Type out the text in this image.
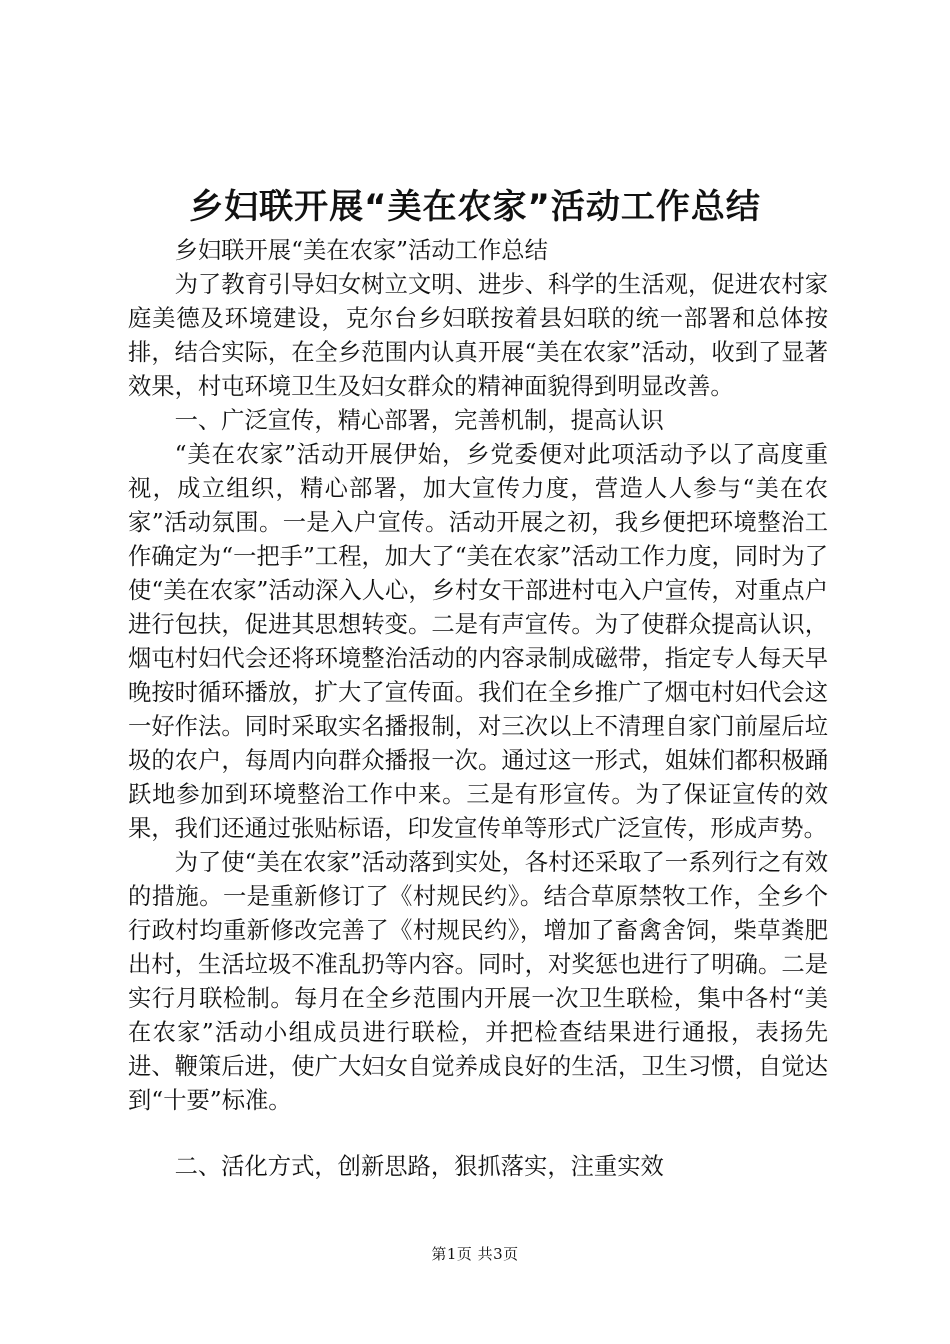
乡妇联开展“美在农家”活动工作总结

乡妇联开展“美在农家”活动工作总结

为了教育引导妇女树立文明、进步、科学的生活观，促进农村家庭美德及环境建设，克尔台乡妇联按着县妇联的统一部署和总体按排，结合实际，在全乡范围内认真开展“美在农家”活动，收到了显著效果，村屯环境卫生及妇女群众的精神面貌得到明显改善。

一、广泛宣传，精心部署，完善机制，提高认识

“美在农家”活动开展伊始，乡党委便对此项活动予以了高度重视，成立组织，精心部署，加大宣传力度，营造人人参与“美在农家”活动氛围。一是入户宣传。活动开展之初，我乡便把环境整治工作确定为“一把手”工程，加大了“美在农家”活动工作力度，同时为了使“美在农家”活动深入人心，乡村女干部进村屯入户宣传，对重点户进行包扶，促进其思想转变。二是有声宣传。为了使群众提高认识，烟屯村妇代会还将环境整治活动的内容录制成磁带，指定专人每天早晚按时循环播放，扩大了宣传面。我们在全乡推广了烟屯村妇代会这一好作法。同时采取实名播报制，对三次以上不清理自家门前屋后垃圾的农户，每周内向群众播报一次。通过这一形式，姐妹们都积极踊跃地参加到环境整治工作中来。三是有形宣传。为了保证宣传的效果，我们还通过张贴标语，印发宣传单等形式广泛宣传，形成声势。

为了使“美在农家”活动落到实处，各村还采取了一系列行之有效的措施。一是重新修订了《村规民约》。结合草原禁牧工作，全乡个行政村均重新修改完善了《村规民约》，增加了畜禽舍饲，柴草粪肥出村，生活垃圾不准乱扔等内容。同时，对奖惩也进行了明确。二是实行月联检制。每月在全乡范围内开展一次卫生联检，集中各村“美在农家”活动小组成员进行联检，并把检查结果进行通报，表扬先进、鞭策后进，使广大妇女自觉养成良好的生活，卫生习惯，自觉达到“十要”标准。

二、活化方式，创新思路，狠抓落实，注重实效

第1页 共3页
